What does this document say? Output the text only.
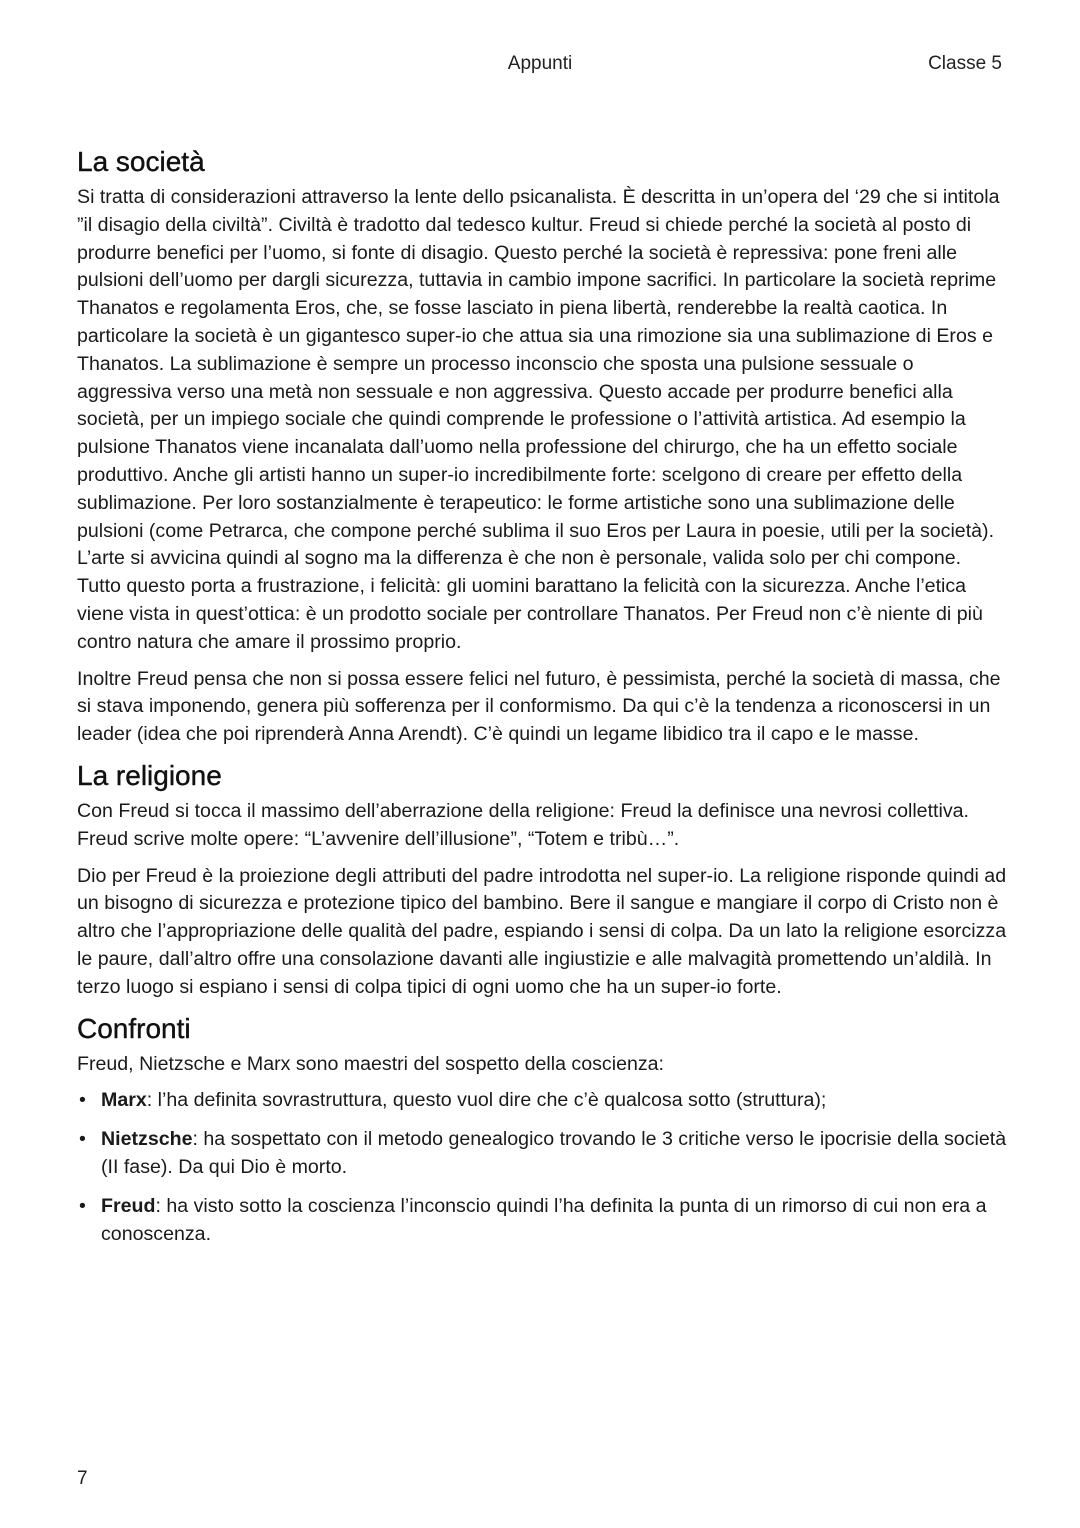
Appunti	Classe 5
La società

Si tratta di considerazioni attraverso la lente dello psicanalista. È descritta in un’opera del ‘29 che si intitola ”il disagio della civiltà”. Civiltà è tradotto dal tedesco kultur. Freud si chiede perché la società al posto di produrre benefici per l’uomo, si fonte di disagio. Questo perché la società è repressiva: pone freni alle pulsioni dell’uomo per dargli sicurezza, tuttavia in cambio impone sacrifici. In particolare la società reprime Thanatos e regolamenta Eros, che, se fosse lasciato in piena libertà, renderebbe la realtà caotica. In particolare la società è un gigantesco super-io che attua sia una rimozione sia una sublimazione di Eros e Thanatos. La sublimazione è sempre un processo inconscio che sposta una pulsione sessuale o aggressiva verso una metà non sessuale e non aggressiva. Questo accade per produrre benefici alla società, per un impiego sociale che quindi comprende le professione o l’attività artistica. Ad esempio la pulsione Thanatos viene incanalata dall’uomo nella professione del chirurgo, che ha un effetto sociale produttivo. Anche gli artisti hanno un super-io incredibilmente forte: scelgono di creare per effetto della sublimazione. Per loro sostanzialmente è terapeutico: le forme artistiche sono una sublimazione delle pulsioni (come Petrarca, che compone perché sublima il suo Eros per Laura in poesie, utili per la società). L’arte si avvicina quindi al sogno ma la differenza è che non è personale, valida solo per chi compone. Tutto questo porta a frustrazione, i felicità: gli uomini barattano la felicità con la sicurezza. Anche l’etica viene vista in quest’ottica: è un prodotto sociale per controllare Thanatos. Per Freud non c’è niente di più contro natura che amare il prossimo proprio.

Inoltre Freud pensa che non si possa essere felici nel futuro, è pessimista, perché la società di massa, che si stava imponendo, genera più sofferenza per il conformismo. Da qui c’è la tendenza a riconoscersi in un leader (idea che poi riprenderà Anna Arendt). C’è quindi un legame libidico tra il capo e le masse.

La religione

Con Freud si tocca il massimo dell’aberrazione della religione: Freud la definisce una nevrosi collettiva. Freud scrive molte opere: “L’avvenire dell’illusione”, “Totem e tribù…”.

Dio per Freud è la proiezione degli attributi del padre introdotta nel super-io. La religione risponde quindi ad un bisogno di sicurezza e protezione tipico del bambino. Bere il sangue e mangiare il corpo di Cristo non è altro che l’appropriazione delle qualità del padre, espiando i sensi di colpa. Da un lato la religione esorcizza le paure, dall’altro offre una consolazione davanti alle ingiustizie e alle malvagità promettendo un’aldilà. In terzo luogo si espiano i sensi di colpa tipici di ogni uomo che ha un super-io forte.

Confronti

Freud, Nietzsche e Marx sono maestri del sospetto della coscienza:

• Marx: l’ha definita sovrastruttura, questo vuol dire che c’è qualcosa sotto (struttura);
• Nietzsche: ha sospettato con il metodo genealogico trovando le 3 critiche verso le ipocrisie della società (II fase). Da qui Dio è morto.
• Freud: ha visto sotto la coscienza l’inconscio quindi l’ha definita la punta di un rimorso di cui non era a conoscenza.
7
